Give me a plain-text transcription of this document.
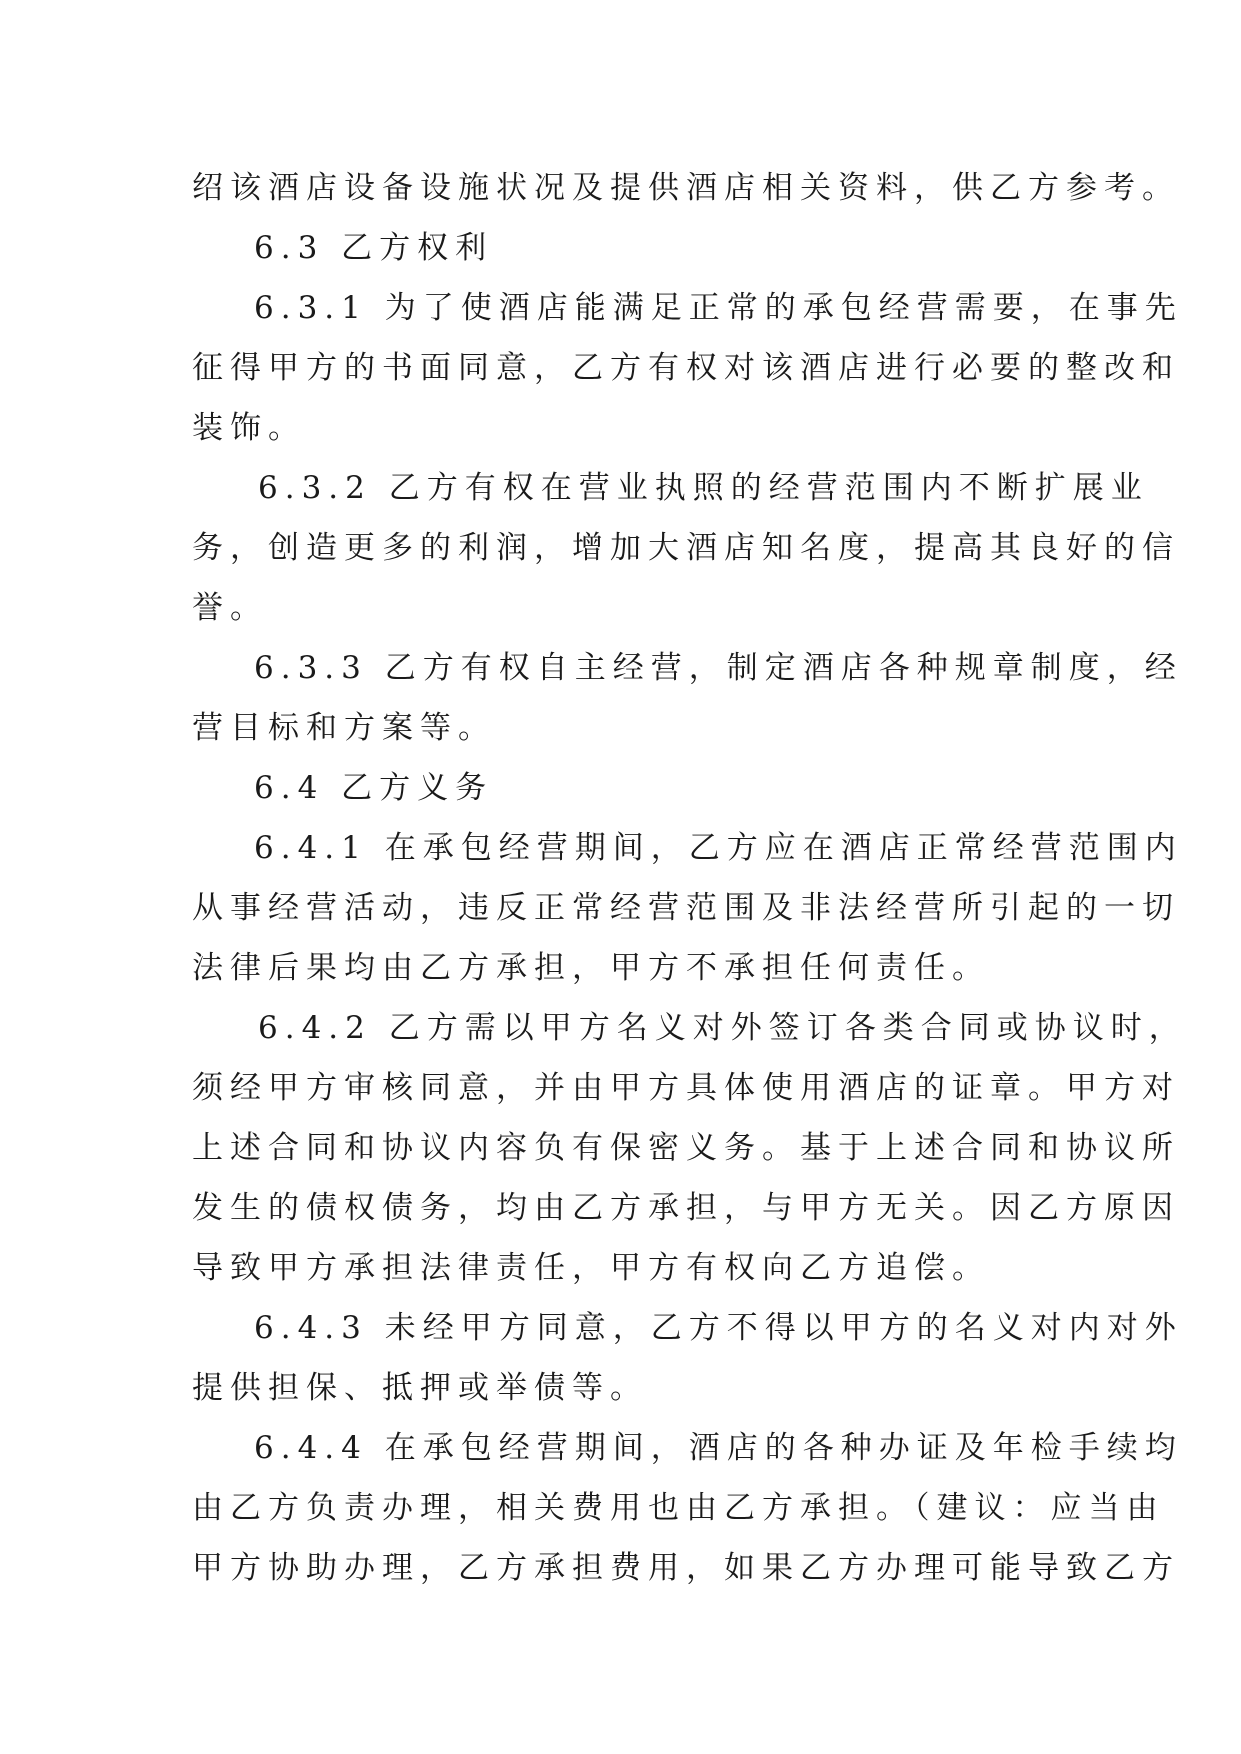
绍该酒店设备设施状况及提供酒店相关资料，供乙方参考。
6.3 乙方权利
6.3.1 为了使酒店能满足正常的承包经营需要，在事先
征得甲方的书面同意，乙方有权对该酒店进行必要的整改和
装饰。
6.3.2 乙方有权在营业执照的经营范围内不断扩展业
务，创造更多的利润，增加大酒店知名度，提高其良好的信
誉。
6.3.3 乙方有权自主经营，制定酒店各种规章制度，经
营目标和方案等。
6.4 乙方义务
6.4.1 在承包经营期间，乙方应在酒店正常经营范围内
从事经营活动，违反正常经营范围及非法经营所引起的一切
法律后果均由乙方承担，甲方不承担任何责任。
6.4.2 乙方需以甲方名义对外签订各类合同或协议时，
须经甲方审核同意，并由甲方具体使用酒店的证章。甲方对
上述合同和协议内容负有保密义务。基于上述合同和协议所
发生的债权债务，均由乙方承担，与甲方无关。因乙方原因
导致甲方承担法律责任，甲方有权向乙方追偿。
6.4.3 未经甲方同意，乙方不得以甲方的名义对内对外
提供担保、抵押或举债等。
6.4.4 在承包经营期间，酒店的各种办证及年检手续均
由乙方负责办理，相关费用也由乙方承担。（建议：应当由
甲方协助办理，乙方承担费用，如果乙方办理可能导致乙方
